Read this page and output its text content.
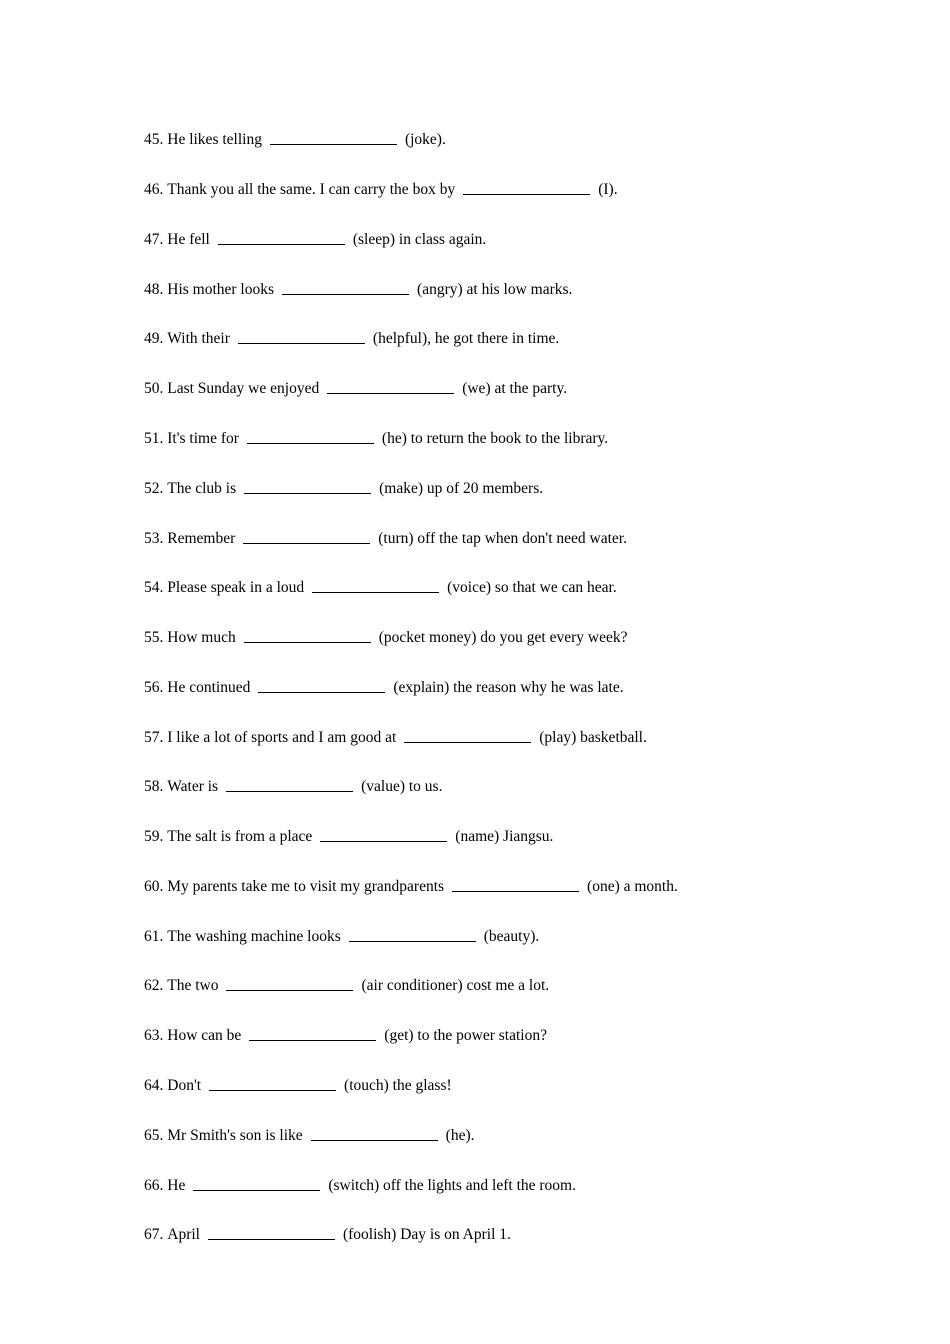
45.
He likes telling	(joke).
46.
Thank you all the same. I can carry the box by	(I).
47.
He fell	(sleep) in class again.
48.
His mother looks	(angry) at his low marks.
49.
With their	(helpful), he got there in time.
50.
Last Sunday we enjoyed	(we) at the party.
51.
It's time for	(he) to return the book to the library.
52.
The club is	(make) up of 20 members.
53.
Remember	(turn) off the tap when don't need water.
54.
Please speak in a loud	(voice) so that we can hear.
55.
How much	(pocket money) do you get every week?
56.
He continued	(explain) the reason why he was late.
57.
I like a lot of sports and I am good at	(play) basketball.
58.
Water is	(value) to us.
59.
The salt is from a place	(name) Jiangsu.
60.
My parents take me to visit my grandparents	(one) a month.
61.
The washing machine looks	(beauty).
62.
The two	(air conditioner) cost me a lot.
63.
How can be	(get) to the power station?
64.
Don't	(touch) the glass!
65.
Mr Smith's son is like	(he).
66.
He	(switch) off the lights and left the room.
67.
April	(foolish) Day is on April 1.
